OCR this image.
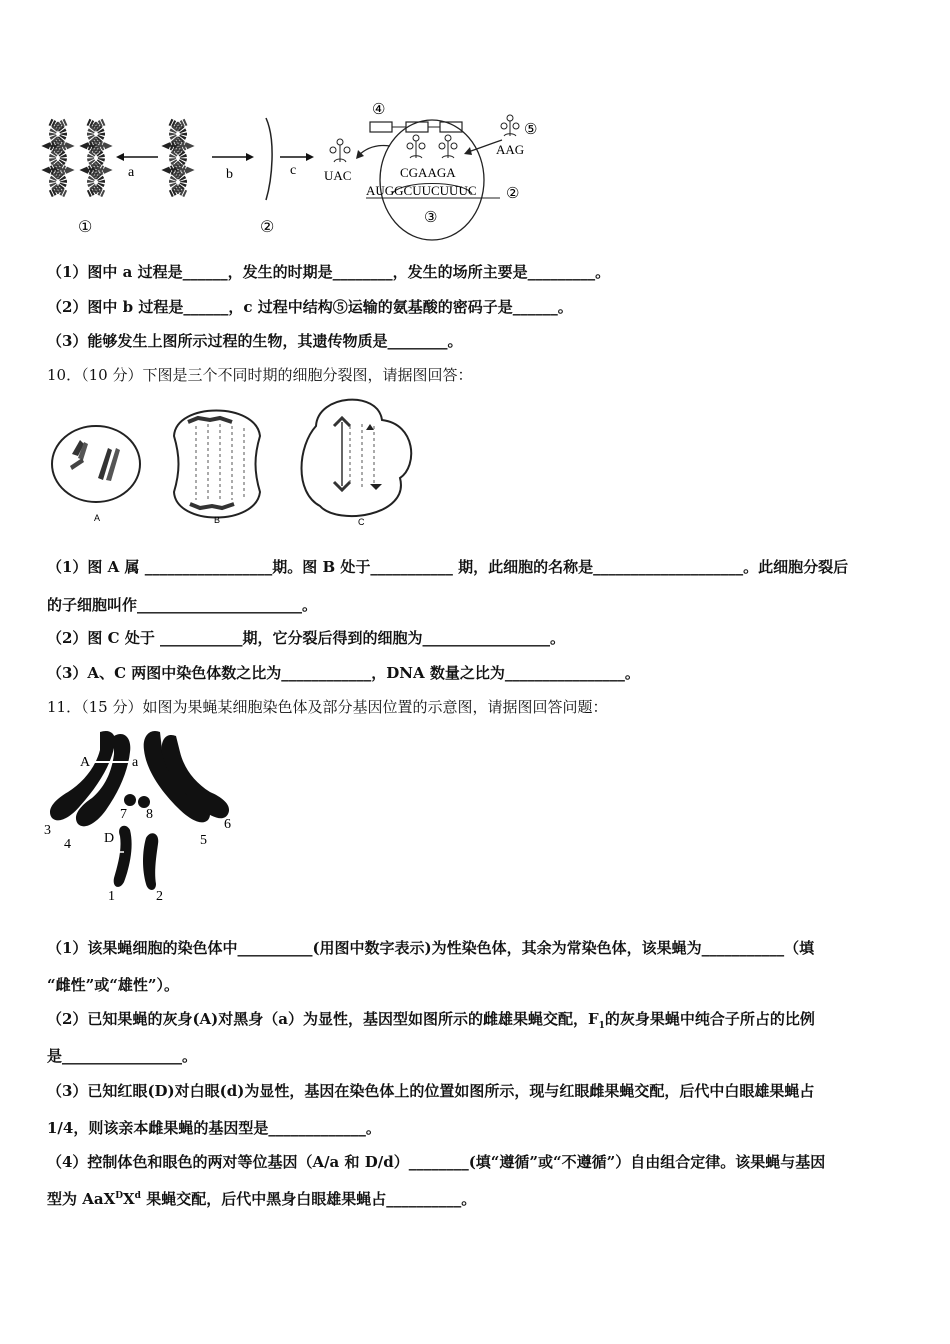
a	b	c
①	②
UAC
④
CGAAGA
AUGGCUUCUUUC ②
③
⑤
AAG
（1）图中 a 过程是______，发生的时期是________，发生的场所主要是_________。
（2）图中 b 过程是______，c 过程中结构⑤运输的氨基酸的密码子是______。
（3）能够发生上图所示过程的生物，其遗传物质是________。
10．（10 分）下图是三个不同时期的细胞分裂图，请据图回答：
A	B	C
（1）图 A 属 _________________期。图 B 处于___________ 期，此细胞的名称是____________________。此细胞分裂后
的子细胞叫作______________________。
（2）图 C 处于 ___________期，它分裂后得到的细胞为_________________。
（3）A、C 两图中染色体数之比为____________，DNA 数量之比为________________。
11．（15 分）如图为果蝇某细胞染色体及部分基因位置的示意图，请据图回答问题：
A	a
3
4
7 8
D	5
6
1	2
（1）该果蝇细胞的染色体中__________(用图中数字表示)为性染色体，其余为常染色体，该果蝇为___________（填
“雌性”或“雄性”）。
（2）已知果蝇的灰身(A)对黑身（a）为显性，基因型如图所示的雌雄果蝇交配，$F_1$的灰身果蝇中纯合子所占的比例
是________________。
（3）已知红眼(D)对白眼(d)为显性，基因在染色体上的位置如图所示，现与红眼雌果蝇交配，后代中白眼雄果蝇占
1/4，则该亲本雌果蝇的基因型是_____________。
（4）控制体色和眼色的两对等位基因（A/a 和 D/d）________(填“遵循”或“不遵循”）自由组合定律。该果蝇与基因
型为 $AaX^DX^d$ 果蝇交配，后代中黑身白眼雄果蝇占__________。
